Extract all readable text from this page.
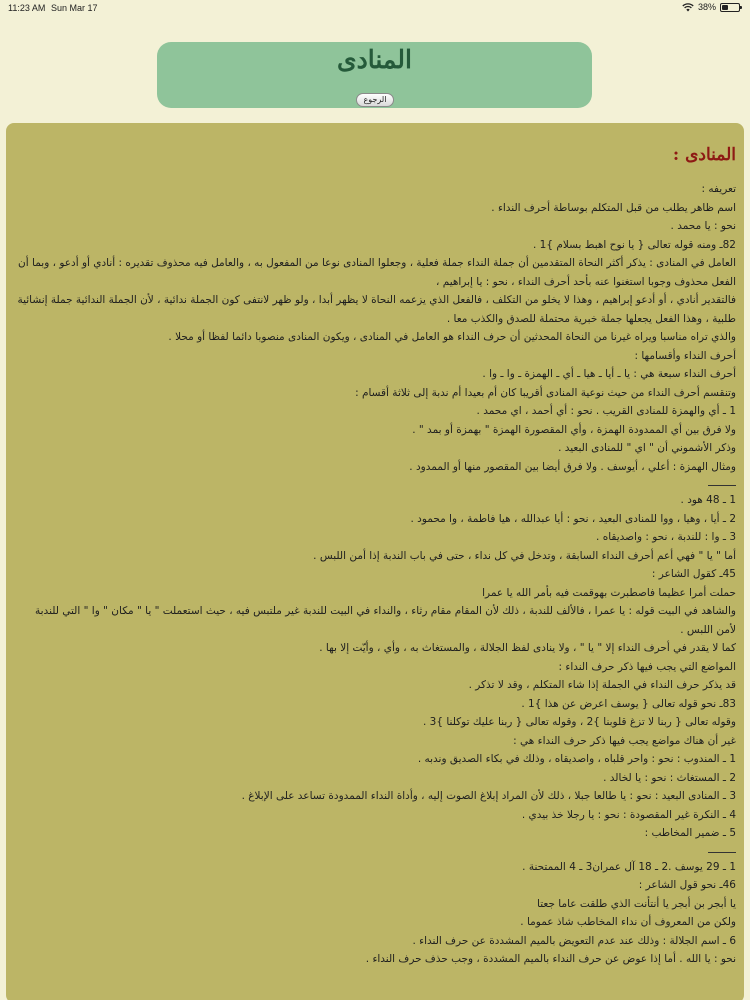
11:23 AM Sun Mar 17	38%
المنادى
الرجوع
المنادى :
تعريفه :
اسم ظاهر يطلب من قبل المتكلم بوساطة أحرف النداء .
نحو : يا محمد .
82ـ ومنه قوله تعالى { يا نوح اهبط بسلام }1 .
العامل في المنادى : يذكر أكثر النحاة المتقدمين أن جملة النداء جملة فعلية ، وجعلوا المنادى نوعا من المفعول به ، والعامل فيه محذوف تقديره : أنادي أو أدعو ، وبما أن الفعل محذوف وجوبا استغنوا عنه بأحد أحرف النداء ، نحو : يا إبراهيم ،
فالتقدير أنادي ، أو أدعو إبراهيم ، وهذا لا يخلو من التكلف ، فالفعل الذي يزعمه النحاة لا يظهر أبدا ، ولو ظهر لانتفى كون الجملة ندائية ، لأن الجملة الندائية جملة إنشائية طلبية ، وهذا الفعل يجعلها جملة خبرية محتملة للصدق والكذب معا .
والذي تراه مناسبا ويراه غيرنا من النحاة المحدثين أن حرف النداء هو العامل في المنادى ، ويكون المنادى منصوبا دائما لفظا أو محلا .
أحرف النداء وأقسامها :
أحرف النداء سبعة هي : يا ـ أيا ـ هيا ـ أي ـ الهمزة ـ وا ـ وا .
وتنقسم أحرف النداء من حيث نوعية المنادى أقريبا كان أم بعيدا أم ندبة إلى ثلاثة أقسام :
1 ـ أي والهمزة للمنادى القريب . نحو : أي أحمد ، اي محمد .
ولا فرق بين أي الممدودة الهمزة ، وأي المقصورة الهمزة " بهمزة أو بمد " .
وذكر الأشموني أن " اي " للمنادى البعيد .
ومثال الهمزة : أعلي ، أيوسف . ولا فرق أيضا بين المقصور منها أو الممدود .
1 ـ 48 هود .
2 ـ أيا ، وهيا ، ووا للمنادى البعيد ، نحو : أيا عبدالله ، هيا فاطمة ، وا محمود .
3 ـ وا : للندبة ، نحو : واصديقاه .
أما " يا " فهي أعم أحرف النداء السابقة ، وتدخل في كل نداء ، حتى في باب الندبة إذا أمن اللبس .
45ـ كقول الشاعر :
حملت أمرا عظيما فاصطبرت بهوقمت فيه بأمر الله يا عمرا
والشاهد في البيت قوله : يا عمرا ، فالألف للندبة ، ذلك لأن المقام مقام رثاء ، والنداء في البيت للندبة غير ملتبس فيه ، حيث استعملت " يا " مكان " وا " التي للندبة لأمن اللبس .
كما لا يقدر في أحرف النداء إلا " يا " ، ولا ينادى لفظ الجلالة ، والمستغاث به ، وأي ، وأيّت إلا بها .
المواضع التي يجب فيها ذكر حرف النداء :
قد يذكر حرف النداء في الجملة إذا شاء المتكلم ، وقد لا تذكر .
83ـ نحو قوله تعالى { يوسف اعرض عن هذا }1 .
وقوله تعالى { ربنا لا تزغ قلوبنا }2 ، وقوله تعالى { ربنا عليك توكلنا }3 .
غير أن هناك مواضع يجب فيها ذكر حرف النداء هي :
1 ـ المندوب : نحو : واحر قلباه ، واصديقاه ، وذلك في بكاء الصديق وندبه .
2 ـ المستغاث : نحو : يا لخالد .
3 ـ المنادى البعيد : نحو : يا طالعا جبلا ، ذلك لأن المراد إبلاغ الصوت إليه ، وأداة النداء الممدودة تساعد على الإبلاغ .
4 ـ النكرة غير المقصودة : نحو : يا رجلا خذ بيدي .
5 ـ ضمير المخاطب :
1 ـ 29 يوسف .2 ـ 18 آل عمران3 ـ 4 الممتحنة .
46ـ نحو قول الشاعر :
يا أبجر بن أبجر يا أنتأنت الذي طلقت عاما جعتا
ولكن من المعروف أن نداء المخاطب شاذ عموما .
6 ـ اسم الجلالة : وذلك عند عدم التعويض بالميم المشددة عن حرف النداء .
نحو : يا الله . أما إذا عوض عن حرف النداء بالميم المشددة ، وجب حذف حرف النداء .
